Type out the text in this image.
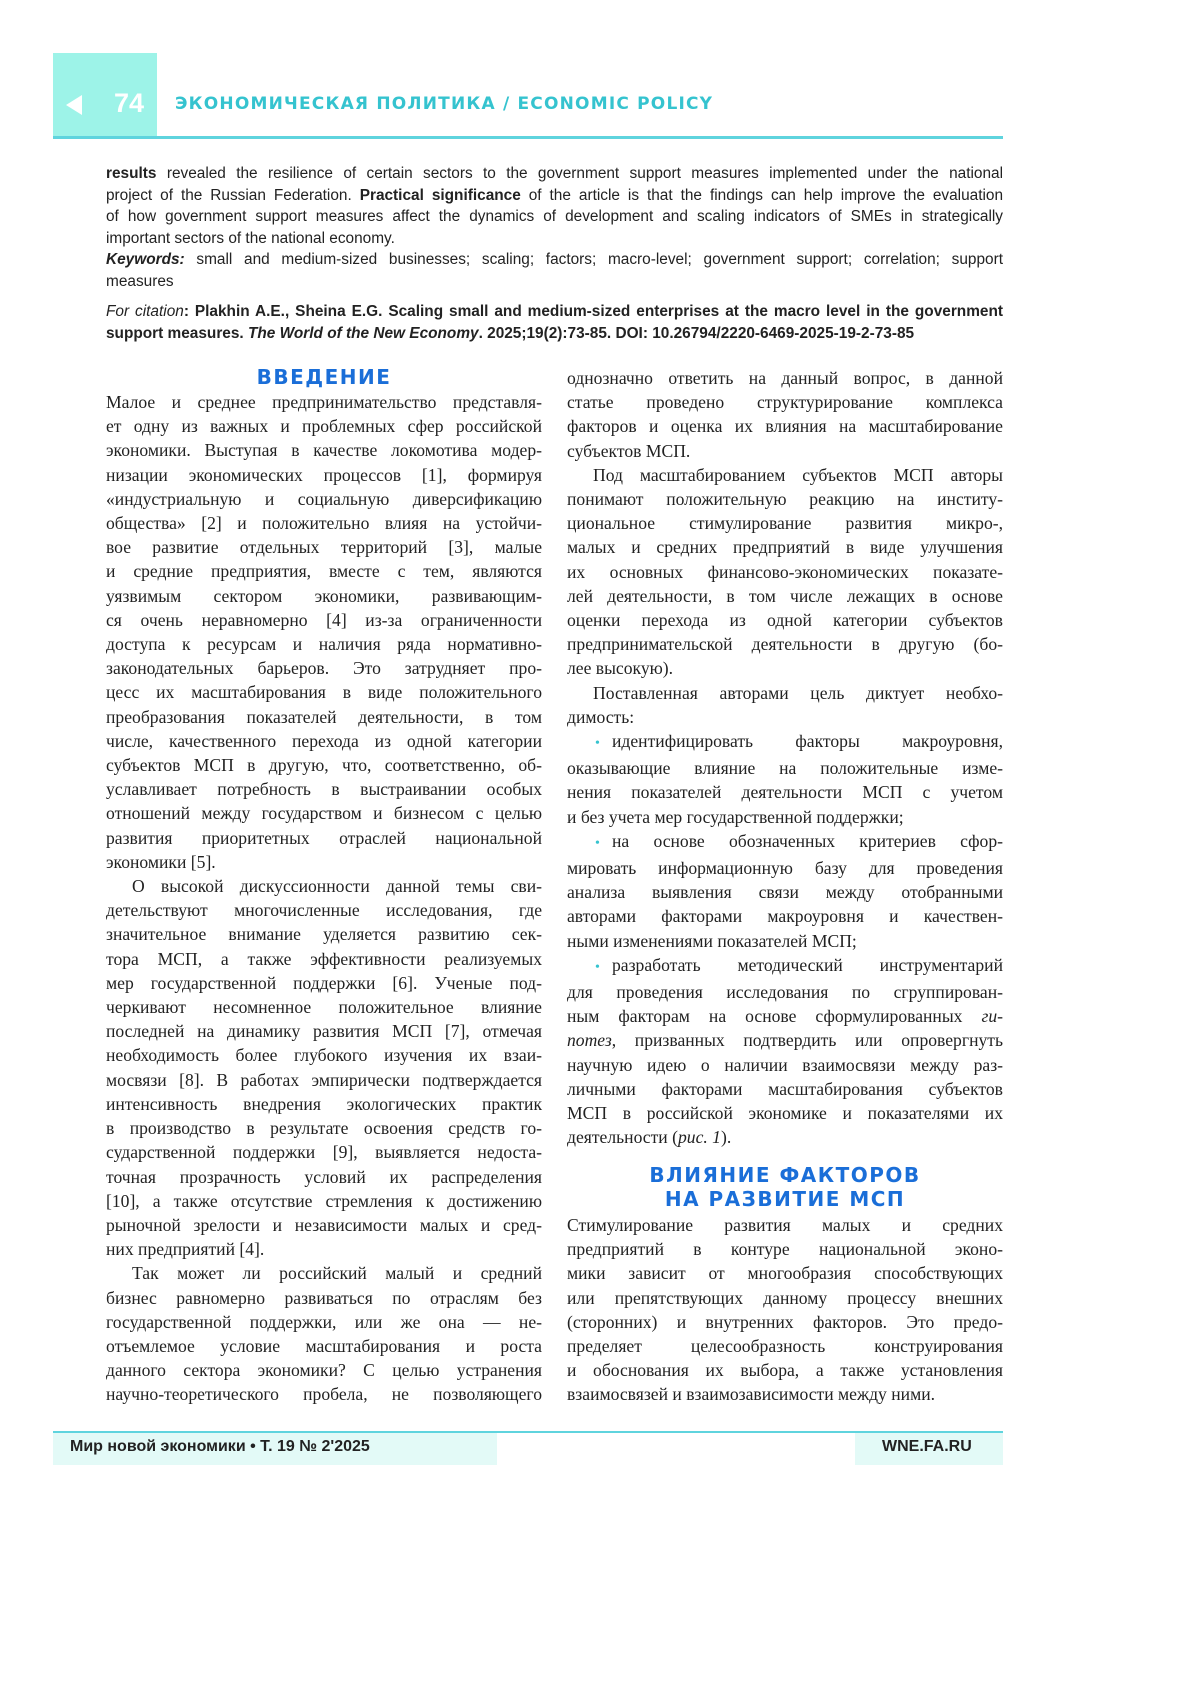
74 ЭКОНОМИЧЕСКАЯ ПОЛИТИКА / ECONOMIC POLICY
results revealed the resilience of certain sectors to the government support measures implemented under the national
project of the Russian Federation. Practical significance of the article is that the findings can help improve the evaluation
of how government support measures affect the dynamics of development and scaling indicators of SMEs in strategically
important sectors of the national economy.
Keywords: small and medium-sized businesses; scaling; factors; macro-level; government support; correlation; support
measures
For citation: Plakhin A.E., Sheina E.G. Scaling small and medium-sized enterprises at the macro level in the government
support measures. The World of the New Economy. 2025;19(2):73-85. DOI: 10.26794/2220-6469-2025-19-2-73-85
ВВЕДЕНИЕ
Малое и среднее предпринимательство представля-
ет одну из важных и проблемных сфер российской
экономики. Выступая в качестве локомотива модер-
низации экономических процессов [1], формируя
«индустриальную и социальную диверсификацию
общества» [2] и положительно влияя на устойчи-
вое развитие отдельных территорий [3], малые
и средние предприятия, вместе с тем, являются
уязвимым сектором экономики, развивающим-
ся очень неравномерно [4] из-за ограниченности
доступа к ресурсам и наличия ряда нормативно-
законодательных барьеров. Это затрудняет про-
цесс их масштабирования в виде положительного
преобразования показателей деятельности, в том
числе, качественного перехода из одной категории
субъектов МСП в другую, что, соответственно, об-
уславливает потребность в выстраивании особых
отношений между государством и бизнесом с целью
развития приоритетных отраслей национальной
экономики [5].
О высокой дискуссионности данной темы сви-
детельствуют многочисленные исследования, где
значительное внимание уделяется развитию сек-
тора МСП, а также эффективности реализуемых
мер государственной поддержки [6]. Ученые под-
черкивают несомненное положительное влияние
последней на динамику развития МСП [7], отмечая
необходимость более глубокого изучения их взаи-
мосвязи [8]. В работах эмпирически подтверждается
интенсивность внедрения экологических практик
в производство в результате освоения средств го-
сударственной поддержки [9], выявляется недоста-
точная прозрачность условий их распределения
[10], а также отсутствие стремления к достижению
рыночной зрелости и независимости малых и сред-
них предприятий [4].
Так может ли российский малый и средний
бизнес равномерно развиваться по отраслям без
государственной поддержки, или же она — не-
отъемлемое условие масштабирования и роста
данного сектора экономики? С целью устранения
научно-теоретического пробела, не позволяющего
однозначно ответить на данный вопрос, в данной
статье проведено структурирование комплекса
факторов и оценка их влияния на масштабирование
субъектов МСП.
Под масштабированием субъектов МСП авторы
понимают положительную реакцию на институ-
циональное стимулирование развития микро-,
малых и средних предприятий в виде улучшения
их основных финансово-экономических показате-
лей деятельности, в том числе лежащих в основе
оценки перехода из одной категории субъектов
предпринимательской деятельности в другую (бо-
лее высокую).
Поставленная авторами цель диктует необхо-
димость:
• идентифицировать факторы макроуровня,
оказывающие влияние на положительные изме-
нения показателей деятельности МСП с учетом
и без учета мер государственной поддержки;
• на основе обозначенных критериев сфор-
мировать информационную базу для проведения
анализа выявления связи между отобранными
авторами факторами макроуровня и качествен-
ными изменениями показателей МСП;
• разработать методический инструментарий
для проведения исследования по сгруппирован-
ным факторам на основе сформулированных ги-
потез, призванных подтвердить или опровергнуть
научную идею о наличии взаимосвязи между раз-
личными факторами масштабирования субъектов
МСП в российской экономике и показателями их
деятельности (рис. 1).
ВЛИЯНИЕ ФАКТОРОВ
НА РАЗВИТИЕ МСП
Стимулирование развития малых и средних
предприятий в контуре национальной эконо-
мики зависит от многообразия способствующих
или препятствующих данному процессу внешних
(сторонних) и внутренних факторов. Это предо-
пределяет целесообразность конструирования
и обоснования их выбора, а также установления
взаимосвязей и взаимозависимости между ними.
Мир новой экономики • Т. 19 № 2'2025	WNE.FA.RU
